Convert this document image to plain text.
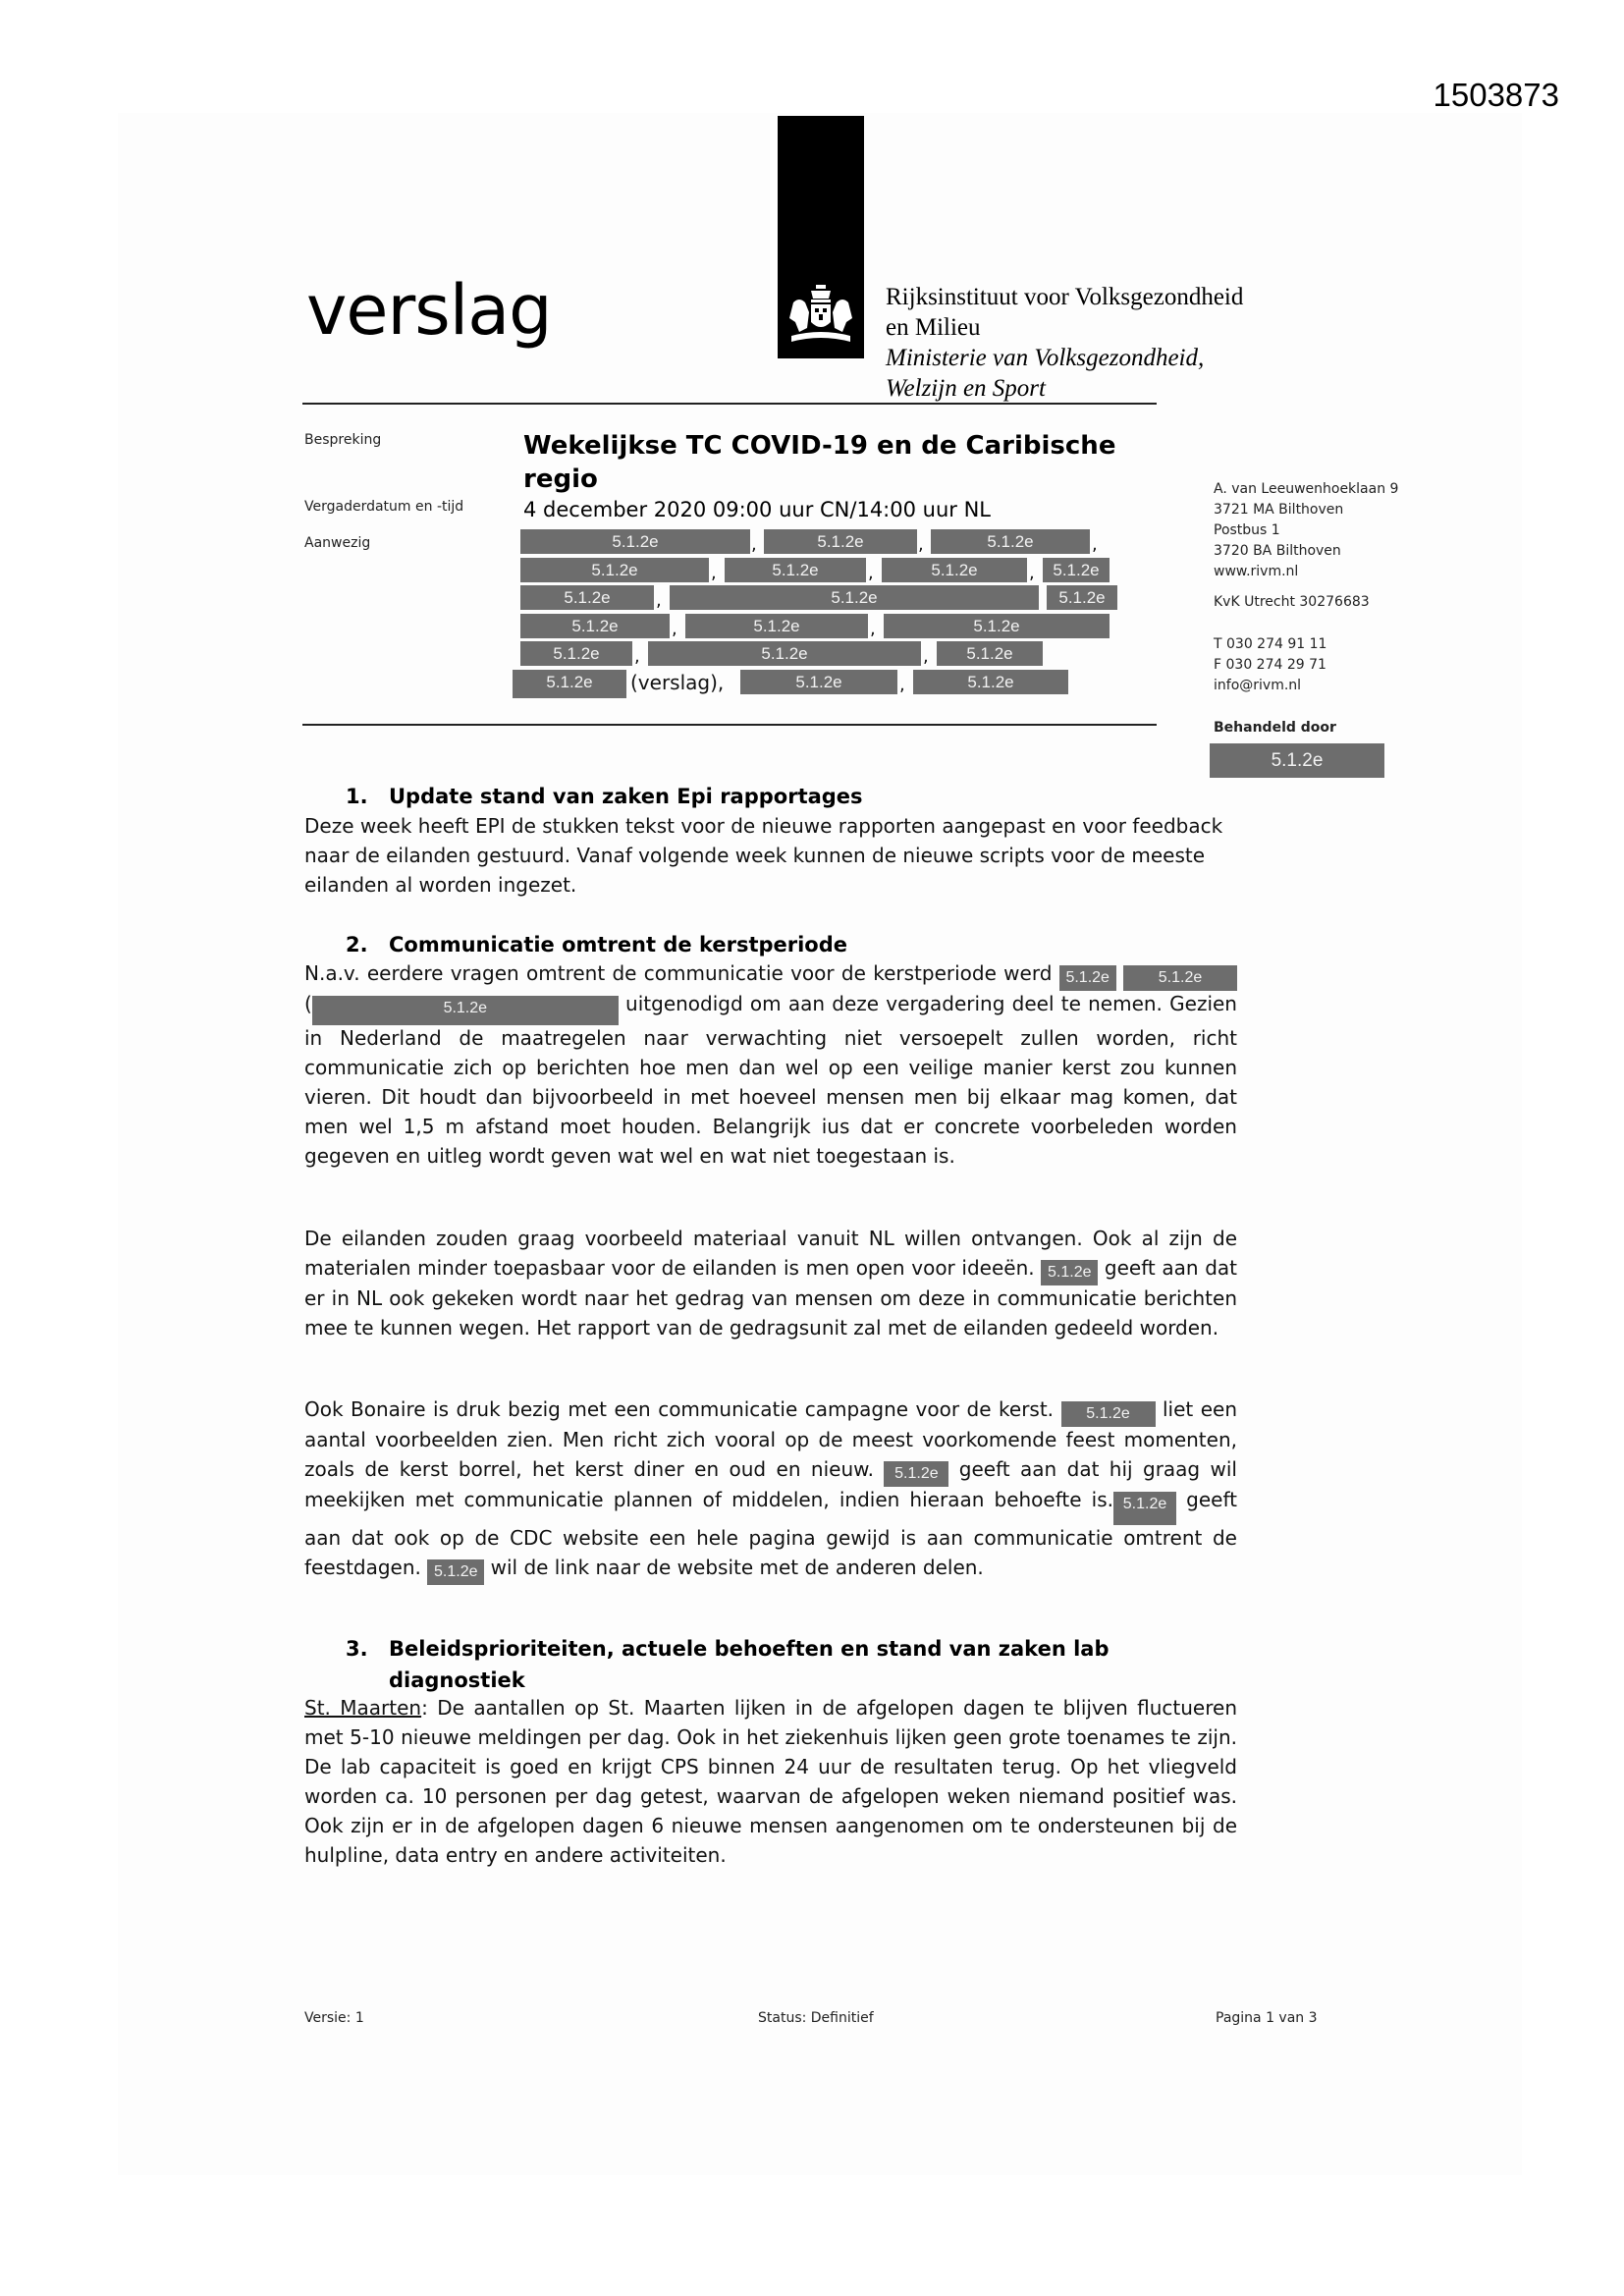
1503873
verslag	Rijksinstituut voor Volksgezondheid
en Milieu
Ministerie van Volksgezondheid,
Welzijn en Sport
Bespreking	Wekelijkse TC COVID-19 en de Caribische regio
Vergaderdatum en -tijd	4 december 2020 09:00 uur CN/14:00 uur NL
Aanwezig	5.1.2e	,	5.1.2e	,	5.1.2e	,
5.1.2e	,	5.1.2e	,	5.1.2e	,	5.1.2e
5.1.2e	,	5.1.2e	5.1.2e
5.1.2e	,	5.1.2e	,	5.1.2e
5.1.2e	,	5.1.2e	,	5.1.2e
5.1.2e	(verslag),	5.1.2e	,	5.1.2e
A. van Leeuwenhoeklaan 9
3721 MA Bilthoven
Postbus 1
3720 BA Bilthoven
www.rivm.nl
KvK Utrecht 30276683
T 030 274 91 11
F 030 274 29 71
info@rivm.nl
Behandeld door
5.1.2e
1. Update stand van zaken Epi rapportages
Deze week heeft EPI de stukken tekst voor de nieuwe rapporten aangepast en voor feedback naar de eilanden gestuurd. Vanaf volgende week kunnen de nieuwe scripts voor de meeste eilanden al worden ingezet.
2. Communicatie omtrent de kerstperiode
N.a.v. eerdere vragen omtrent de communicatie voor de kerstperiode werd 5.1.2e	5.1.2e (	5.1.2e	uitgenodigd om aan deze vergadering deel te nemen. Gezien in Nederland de maatregelen naar verwachting niet versoepelt zullen worden, richt communicatie zich op berichten hoe men dan wel op een veilige manier kerst zou kunnen vieren. Dit houdt dan bijvoorbeeld in met hoeveel mensen men bij elkaar mag komen, dat men wel 1,5 m afstand moet houden. Belangrijk ius dat er concrete voorbeleden worden gegeven en uitleg wordt geven wat wel en wat niet toegestaan is.
De eilanden zouden graag voorbeeld materiaal vanuit NL willen ontvangen. Ook al zijn de materialen minder toepasbaar voor de eilanden is men open voor ideeën. 5.1.2e geeft aan dat er in NL ook gekeken wordt naar het gedrag van mensen om deze in communicatie berichten mee te kunnen wegen. Het rapport van de gedragsunit zal met de eilanden gedeeld worden.
Ook Bonaire is druk bezig met een communicatie campagne voor de kerst. 5.1.2e liet een aantal voorbeelden zien. Men richt zich vooral op de meest voorkomende feest momenten, zoals de kerst borrel, het kerst diner en oud en nieuw. 5.1.2e geeft aan dat hij graag wil meekijken met communicatie plannen of middelen, indien hieraan behoefte is. 5.1.2e geeft aan dat ook op de CDC website een hele pagina gewijd is aan communicatie omtrent de feestdagen. 5.1.2e wil de link naar de website met de anderen delen.
3. Beleidsprioriteiten, actuele behoeften en stand van zaken lab
diagnostiek
St. Maarten: De aantallen op St. Maarten lijken in de afgelopen dagen te blijven fluctueren met 5-10 nieuwe meldingen per dag. Ook in het ziekenhuis lijken geen grote toenames te zijn. De lab capaciteit is goed en krijgt CPS binnen 24 uur de resultaten terug. Op het vliegveld worden ca. 10 personen per dag getest, waarvan de afgelopen weken niemand positief was. Ook zijn er in de afgelopen dagen 6 nieuwe mensen aangenomen om te ondersteunen bij de hulpline, data entry en andere activiteiten.
Versie: 1	Status: Definitief	Pagina 1 van 3
